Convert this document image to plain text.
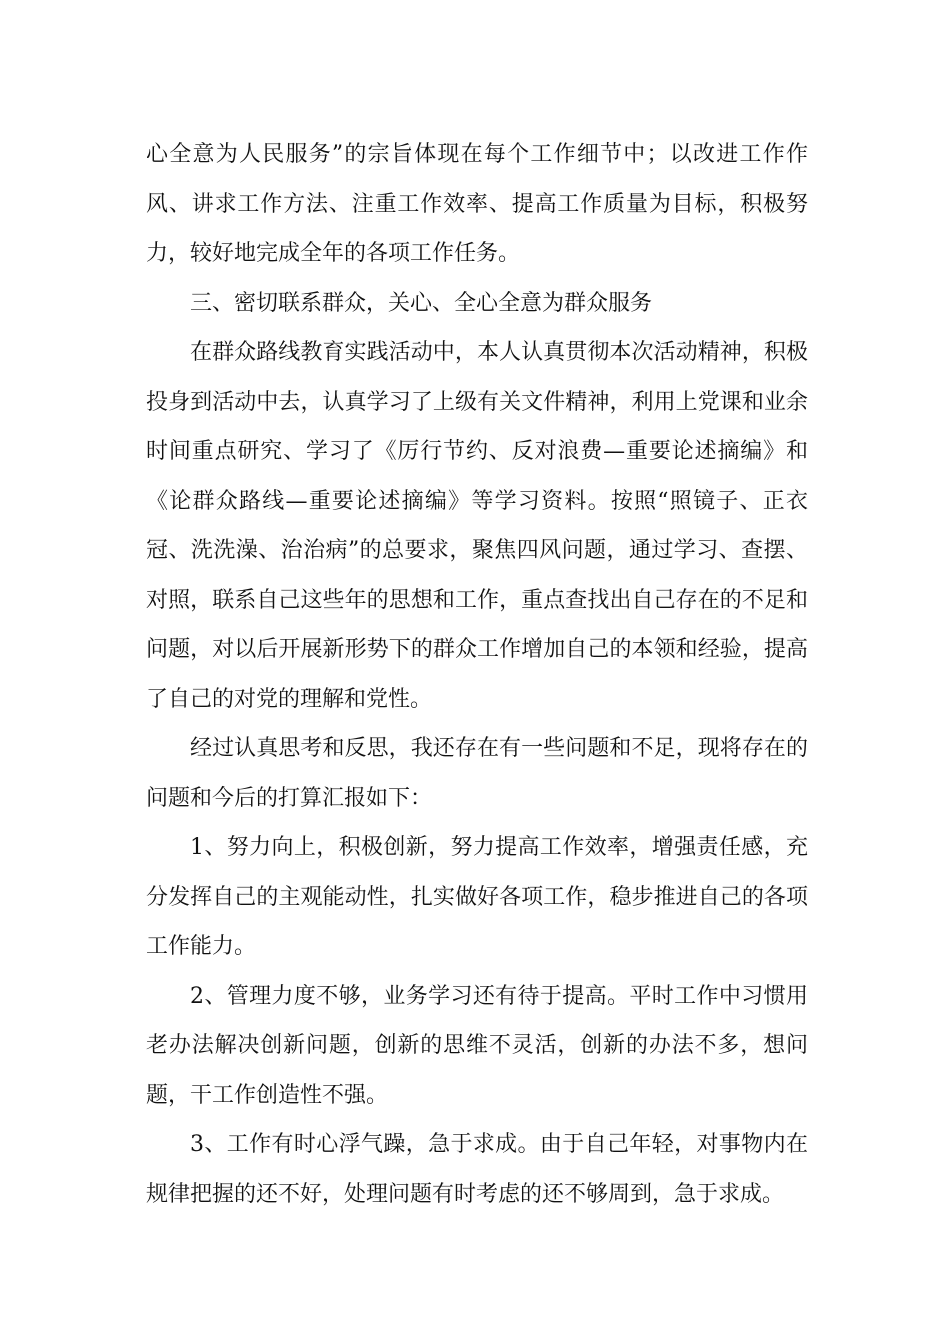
心全意为人民服务”的宗旨体现在每个工作细节中；以改进工作作风、讲求工作方法、注重工作效率、提高工作质量为目标，积极努力，较好地完成全年的各项工作任务。

三、密切联系群众，关心、全心全意为群众服务

在群众路线教育实践活动中，本人认真贯彻本次活动精神，积极投身到活动中去，认真学习了上级有关文件精神，利用上党课和业余时间重点研究、学习了《厉行节约、反对浪费—重要论述摘编》和《论群众路线—重要论述摘编》等学习资料。按照“照镜子、正衣冠、洗洗澡、治治病”的总要求，聚焦四风问题，通过学习、查摆、对照，联系自己这些年的思想和工作，重点查找出自己存在的不足和问题，对以后开展新形势下的群众工作增加自己的本领和经验，提高了自己的对党的理解和党性。

经过认真思考和反思，我还存在有一些问题和不足，现将存在的问题和今后的打算汇报如下：

1、努力向上，积极创新，努力提高工作效率，增强责任感，充分发挥自己的主观能动性，扎实做好各项工作，稳步推进自己的各项工作能力。

2、管理力度不够，业务学习还有待于提高。平时工作中习惯用老办法解决创新问题，创新的思维不灵活，创新的办法不多，想问题，干工作创造性不强。

3、工作有时心浮气躁，急于求成。由于自己年轻，对事物内在规律把握的还不好，处理问题有时考虑的还不够周到，急于求成。
